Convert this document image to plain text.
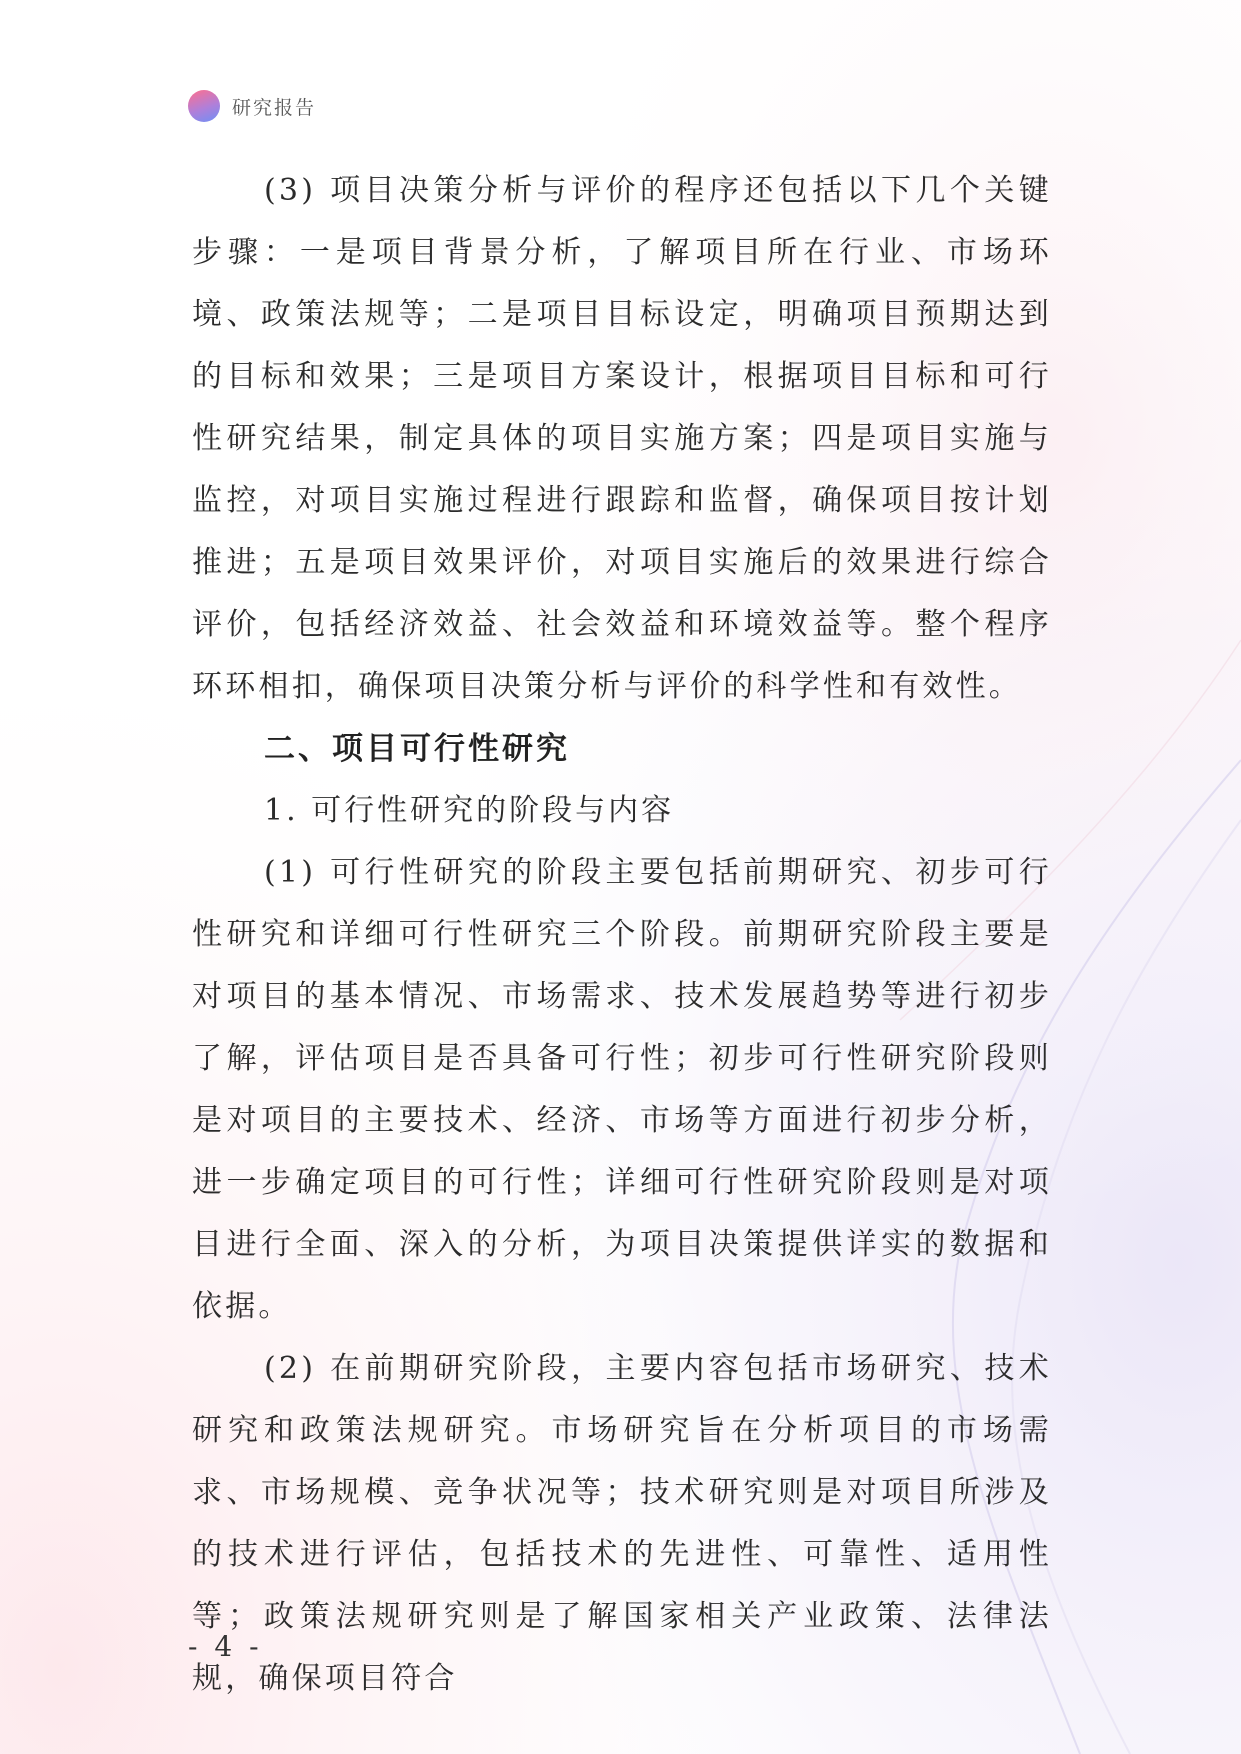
研究报告

(3) 项目决策分析与评价的程序还包括以下几个关键步骤：一是项目背景分析，了解项目所在行业、市场环境、政策法规等；二是项目目标设定，明确项目预期达到的目标和效果；三是项目方案设计，根据项目目标和可行性研究结果，制定具体的项目实施方案；四是项目实施与监控，对项目实施过程进行跟踪和监督，确保项目按计划推进；五是项目效果评价，对项目实施后的效果进行综合评价，包括经济效益、社会效益和环境效益等。整个程序环环相扣，确保项目决策分析与评价的科学性和有效性。

二、项目可行性研究

1. 可行性研究的阶段与内容

(1) 可行性研究的阶段主要包括前期研究、初步可行性研究和详细可行性研究三个阶段。前期研究阶段主要是对项目的基本情况、市场需求、技术发展趋势等进行初步了解，评估项目是否具备可行性；初步可行性研究阶段则是对项目的主要技术、经济、市场等方面进行初步分析，进一步确定项目的可行性；详细可行性研究阶段则是对项目进行全面、深入的分析，为项目决策提供详实的数据和依据。

(2) 在前期研究阶段，主要内容包括市场研究、技术研究和政策法规研究。市场研究旨在分析项目的市场需求、市场规模、竞争状况等；技术研究则是对项目所涉及的技术进行评估，包括技术的先进性、可靠性、适用性等；政策法规研究则是了解国家相关产业政策、法律法规，确保项目符合

- 4 -
